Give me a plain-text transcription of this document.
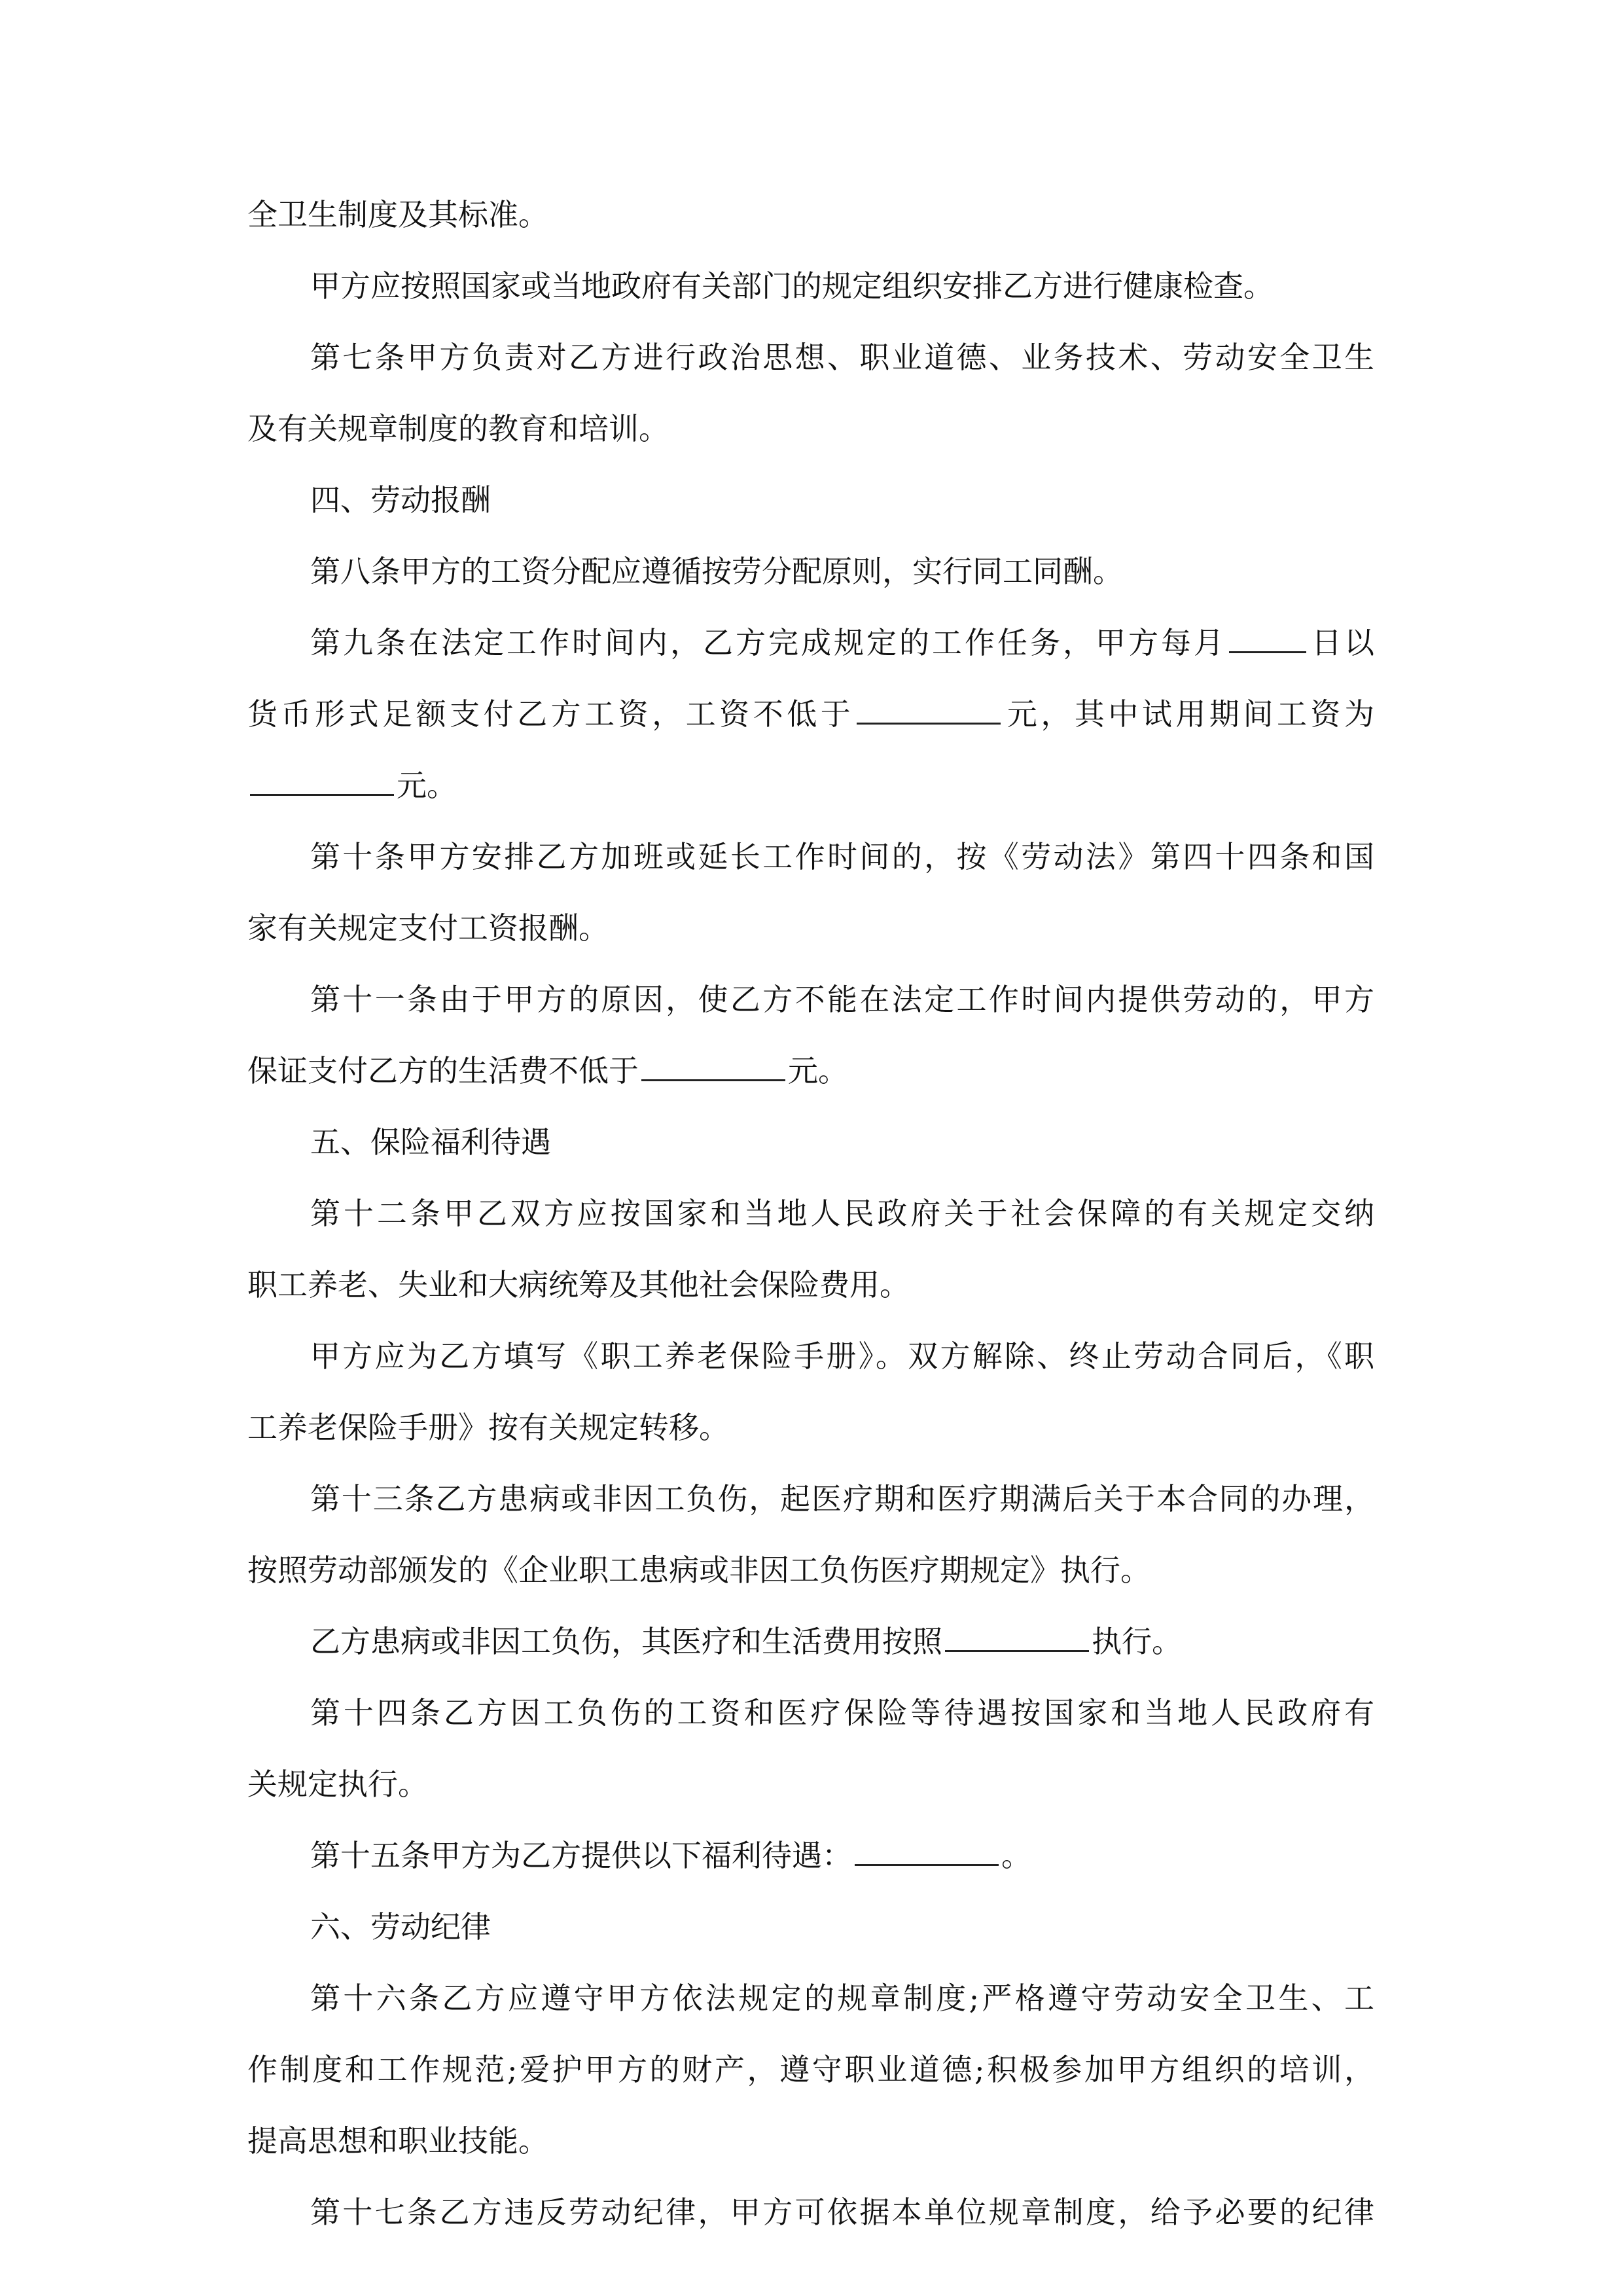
全卫生制度及其标准。
甲方应按照国家或当地政府有关部门的规定组织安排乙方进行健康检查。
第七条甲方负责对乙方进行政治思想、职业道德、业务技术、劳动安全卫生
及有关规章制度的教育和培训。
四、劳动报酬
第八条甲方的工资分配应遵循按劳分配原则，实行同工同酬。
第九条在法定工作时间内，乙方完成规定的工作任务，甲方每月	日以
货币形式足额支付乙方工资，工资不低于	元，其中试用期间工资为
元。
第十条甲方安排乙方加班或延长工作时间的，按《劳动法》第四十四条和国
家有关规定支付工资报酬。
第十一条由于甲方的原因，使乙方不能在法定工作时间内提供劳动的，甲方
保证支付乙方的生活费不低于	元。
五、保险福利待遇
第十二条甲乙双方应按国家和当地人民政府关于社会保障的有关规定交纳
职工养老、失业和大病统筹及其他社会保险费用。
甲方应为乙方填写《职工养老保险手册》。双方解除、终止劳动合同后，《职
工养老保险手册》按有关规定转移。
第十三条乙方患病或非因工负伤，起医疗期和医疗期满后关于本合同的办理，
按照劳动部颁发的《企业职工患病或非因工负伤医疗期规定》执行。
乙方患病或非因工负伤，其医疗和生活费用按照	执行。
第十四条乙方因工负伤的工资和医疗保险等待遇按国家和当地人民政府有
关规定执行。
第十五条甲方为乙方提供以下福利待遇：	。
六、劳动纪律
第十六条乙方应遵守甲方依法规定的规章制度;严格遵守劳动安全卫生、工
作制度和工作规范;爱护甲方的财产，遵守职业道德;积极参加甲方组织的培训，
提高思想和职业技能。
第十七条乙方违反劳动纪律，甲方可依据本单位规章制度，给予必要的纪律
